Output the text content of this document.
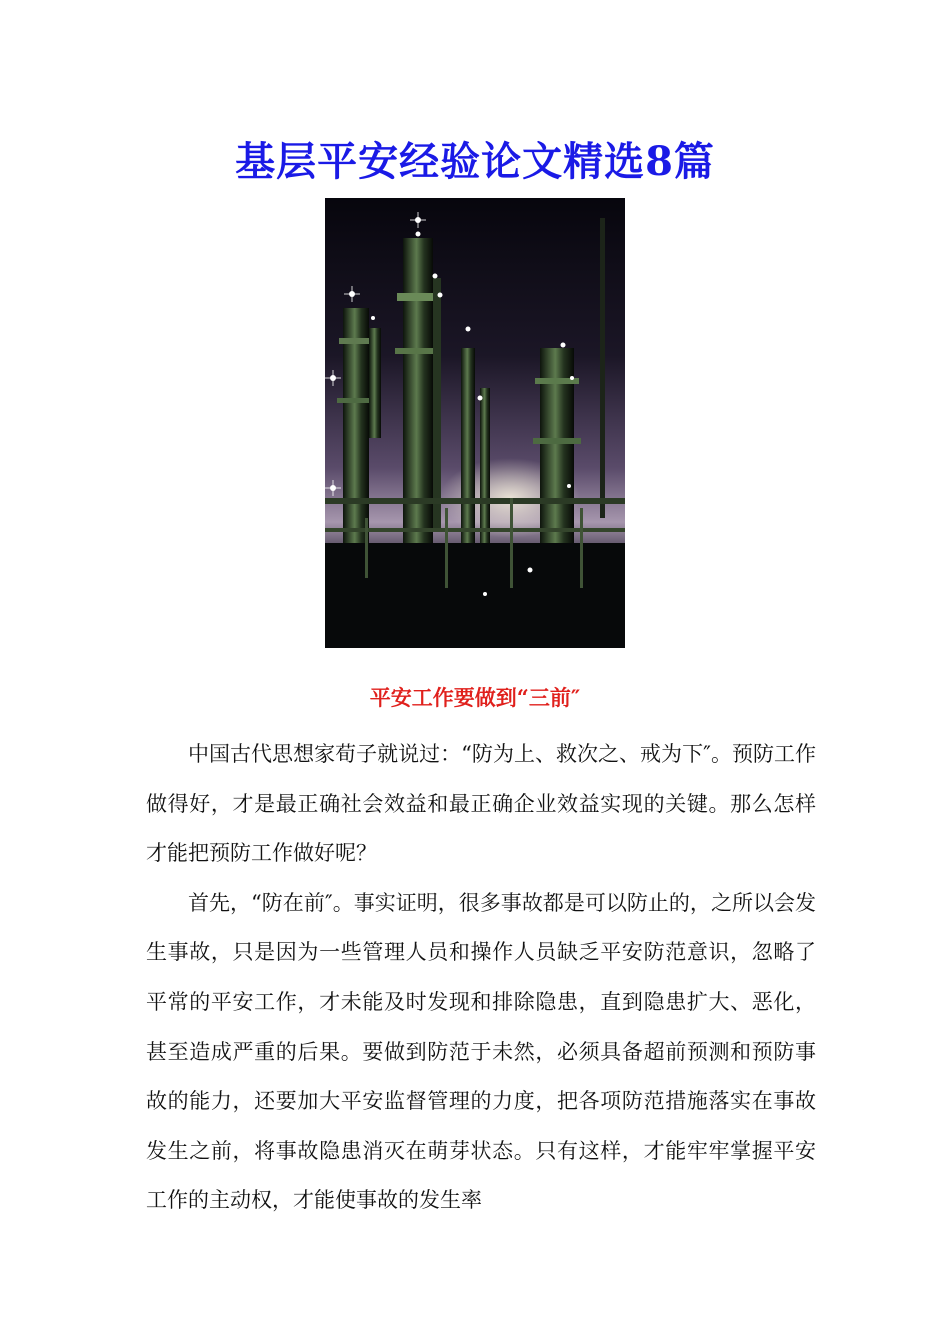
基层平安经验论文精选8篇
平安工作要做到“三前″

中国古代思想家荀子就说过：“防为上、救次之、戒为下″。预防工作做得好，才是最正确社会效益和最正确企业效益实现的关键。那么怎样才能把预防工作做好呢？

首先，“防在前″。事实证明，很多事故都是可以防止的，之所以会发生事故，只是因为一些管理人员和操作人员缺乏平安防范意识，忽略了平常的平安工作，才未能及时发现和排除隐患，直到隐患扩大、恶化，甚至造成严重的后果。要做到防范于未然，必须具备超前预测和预防事故的能力，还要加大平安监督管理的力度，把各项防范措施落实在事故发生之前，将事故隐患消灭在萌芽状态。只有这样，才能牢牢掌握平安工作的主动权，才能使事故的发生率
